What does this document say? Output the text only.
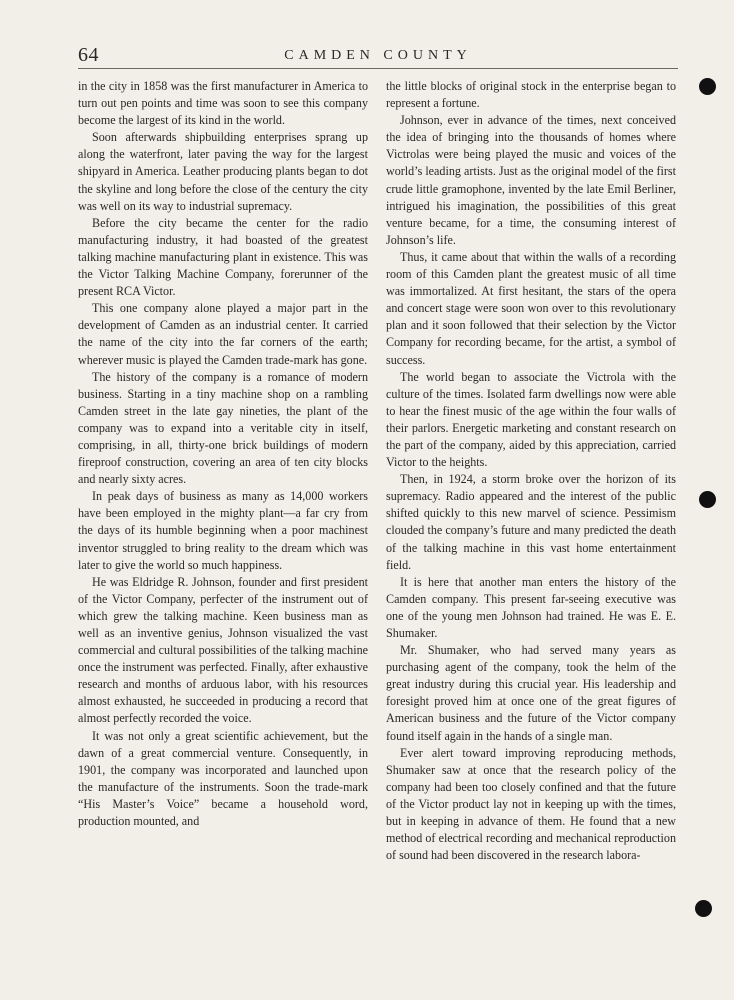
64	CAMDEN COUNTY

in the city in 1858 was the first manufacturer in America to turn out pen points and time was soon to see this company become the largest of its kind in the world.

Soon afterwards shipbuilding enterprises sprang up along the waterfront, later paving the way for the largest shipyard in America. Leather producing plants began to dot the skyline and long before the close of the century the city was well on its way to industrial supremacy.

Before the city became the center for the radio manufacturing industry, it had boasted of the greatest talking machine manufacturing plant in existence. This was the Victor Talking Machine Company, forerunner of the present RCA Victor.

This one company alone played a major part in the development of Camden as an industrial center. It carried the name of the city into the far corners of the earth; wherever music is played the Camden trade-mark has gone.

The history of the company is a romance of modern business. Starting in a tiny machine shop on a rambling Camden street in the late gay nineties, the plant of the company was to expand into a veritable city in itself, comprising, in all, thirty-one brick buildings of modern fireproof construction, covering an area of ten city blocks and nearly sixty acres.

In peak days of business as many as 14,000 workers have been employed in the mighty plant—a far cry from the days of its humble beginning when a poor machinest inventor struggled to bring reality to the dream which was later to give the world so much happiness.

He was Eldridge R. Johnson, founder and first president of the Victor Company, perfecter of the instrument out of which grew the talking machine. Keen business man as well as an inventive genius, Johnson visualized the vast commercial and cultural possibilities of the talking machine once the instrument was perfected. Finally, after exhaustive research and months of arduous labor, with his resources almost exhausted, he succeeded in producing a record that almost perfectly recorded the voice.

It was not only a great scientific achievement, but the dawn of a great commercial venture. Consequently, in 1901, the company was incorporated and launched upon the manufacture of the instruments. Soon the trade-mark “His Master’s Voice” became a household word, production mounted, and

the little blocks of original stock in the enterprise began to represent a fortune.

Johnson, ever in advance of the times, next conceived the idea of bringing into the thousands of homes where Victrolas were being played the music and voices of the world’s leading artists. Just as the original model of the first crude little gramophone, invented by the late Emil Berliner, intrigued his imagination, the possibilities of this great venture became, for a time, the consuming interest of Johnson’s life.

Thus, it came about that within the walls of a recording room of this Camden plant the greatest music of all time was immortalized. At first hesitant, the stars of the opera and concert stage were soon won over to this revolutionary plan and it soon followed that their selection by the Victor Company for recording became, for the artist, a symbol of success.

The world began to associate the Victrola with the culture of the times. Isolated farm dwellings now were able to hear the finest music of the age within the four walls of their parlors. Energetic marketing and constant research on the part of the company, aided by this appreciation, carried Victor to the heights.

Then, in 1924, a storm broke over the horizon of its supremacy. Radio appeared and the interest of the public shifted quickly to this new marvel of science. Pessimism clouded the company’s future and many predicted the death of the talking machine in this vast home entertainment field.

It is here that another man enters the history of the Camden company. This present far-seeing executive was one of the young men Johnson had trained. He was E. E. Shumaker.

Mr. Shumaker, who had served many years as purchasing agent of the company, took the helm of the great industry during this crucial year. His leadership and foresight proved him at once one of the great figures of American business and the future of the Victor company found itself again in the hands of a single man.

Ever alert toward improving reproducing methods, Shumaker saw at once that the research policy of the company had been too closely confined and that the future of the Victor product lay not in keeping up with the times, but in keeping in advance of them. He found that a new method of electrical recording and mechanical reproduction of sound had been discovered in the research labora-
